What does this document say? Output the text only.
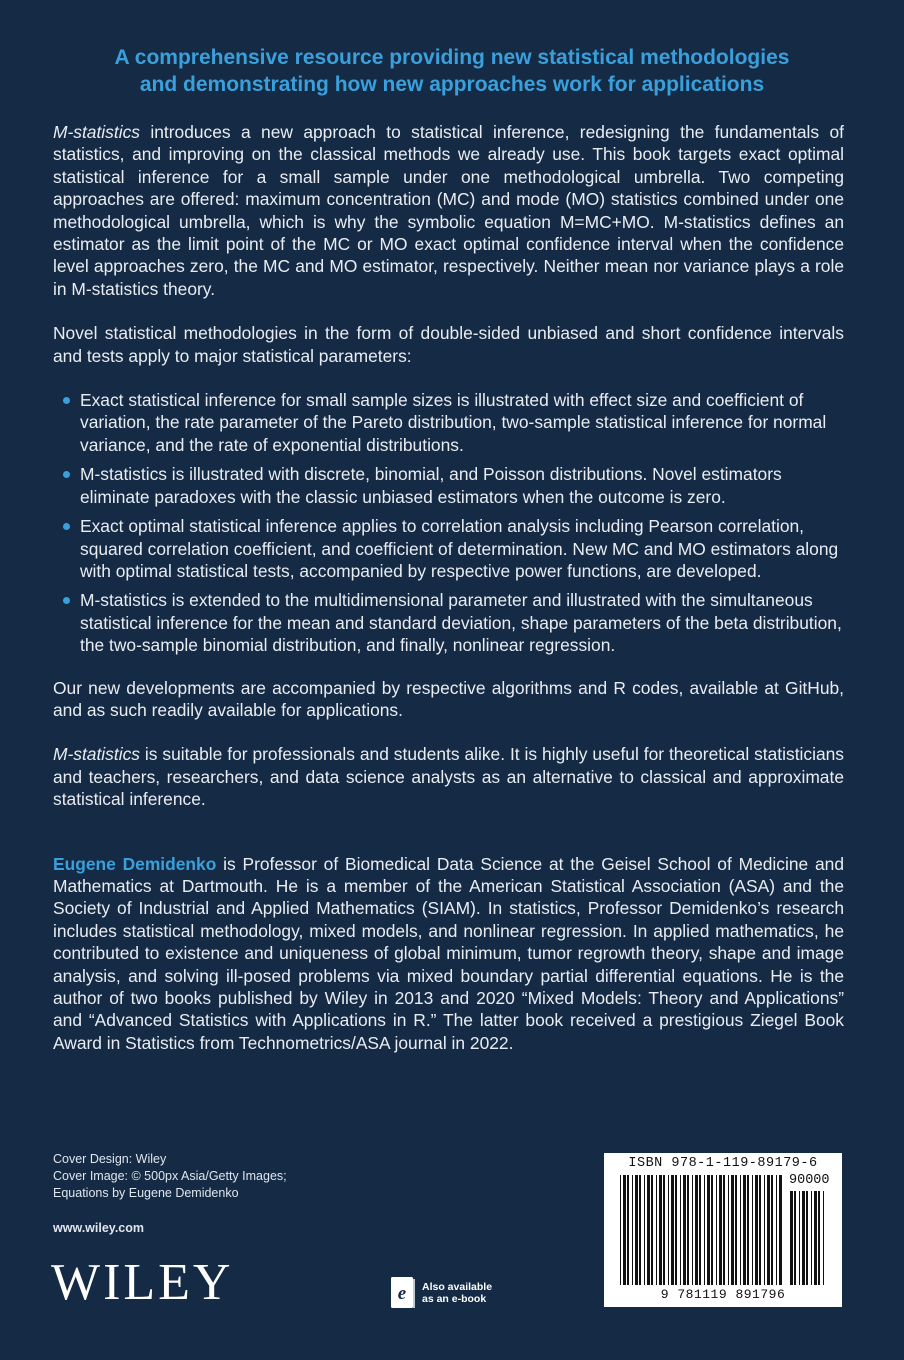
A comprehensive resource providing new statistical methodologies
and demonstrating how new approaches work for applications

M-statistics introduces a new approach to statistical inference, redesigning the fundamentals of statistics, and improving on the classical methods we already use. This book targets exact optimal statistical inference for a small sample under one methodological umbrella. Two competing approaches are offered: maximum concentration (MC) and mode (MO) statistics combined under one methodological umbrella, which is why the symbolic equation M=MC+MO. M-statistics defines an estimator as the limit point of the MC or MO exact optimal confidence interval when the confidence level approaches zero, the MC and MO estimator, respectively. Neither mean nor variance plays a role in M-statistics theory.

Novel statistical methodologies in the form of double-sided unbiased and short confidence intervals and tests apply to major statistical parameters:

Exact statistical inference for small sample sizes is illustrated with effect size and coefficient of variation, the rate parameter of the Pareto distribution, two-sample statistical inference for normal variance, and the rate of exponential distributions.
M-statistics is illustrated with discrete, binomial, and Poisson distributions. Novel estimators eliminate paradoxes with the classic unbiased estimators when the outcome is zero.
Exact optimal statistical inference applies to correlation analysis including Pearson correlation, squared correlation coefficient, and coefficient of determination. New MC and MO estimators along with optimal statistical tests, accompanied by respective power functions, are developed.
M-statistics is extended to the multidimensional parameter and illustrated with the simultaneous statistical inference for the mean and standard deviation, shape parameters of the beta distribution, the two-sample binomial distribution, and finally, nonlinear regression.

Our new developments are accompanied by respective algorithms and R codes, available at GitHub, and as such readily available for applications.

M-statistics is suitable for professionals and students alike. It is highly useful for theoretical statisticians and teachers, researchers, and data science analysts as an alternative to classical and approximate statistical inference.

Eugene Demidenko is Professor of Biomedical Data Science at the Geisel School of Medicine and Mathematics at Dartmouth. He is a member of the American Statistical Association (ASA) and the Society of Industrial and Applied Mathematics (SIAM). In statistics, Professor Demidenko’s research includes statistical methodology, mixed models, and nonlinear regression. In applied mathematics, he contributed to existence and uniqueness of global minimum, tumor regrowth theory, shape and image analysis, and solving ill-posed problems via mixed boundary partial differential equations. He is the author of two books published by Wiley in 2013 and 2020 “Mixed Models: Theory and Applications” and “Advanced Statistics with Applications in R.” The latter book received a prestigious Ziegel Book Award in Statistics from Technometrics/ASA journal in 2022.

Cover Design: Wiley
Cover Image: © 500px Asia/Getty Images;
Equations by Eugene Demidenko
www.wiley.com
WILEY	e Also available
as an e-book
ISBN 978-1-119-89179-6
90000
9 781119 891796
